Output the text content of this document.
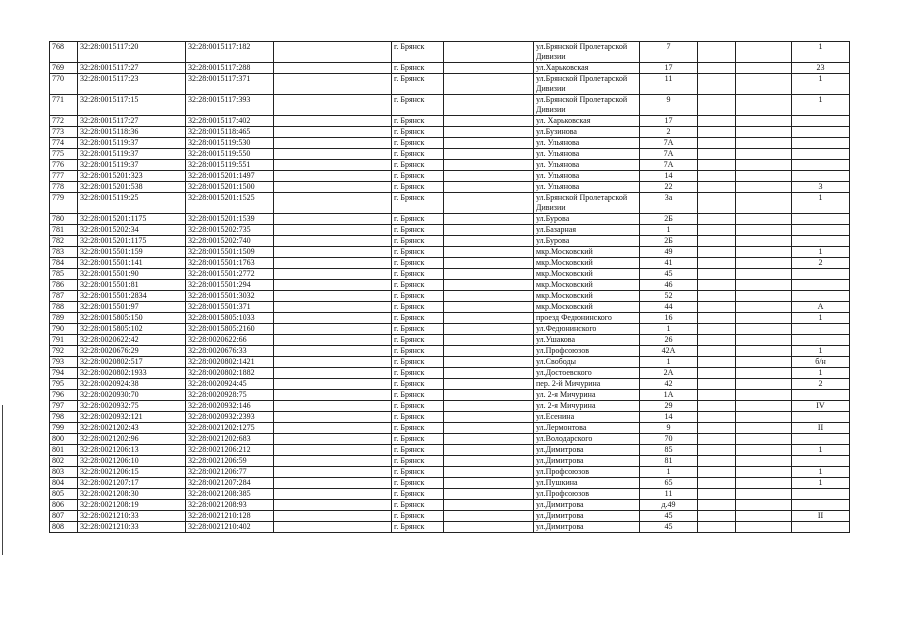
768	32:28:0015117:20	32:28:0015117:182		г. Брянск		ул.Брянской Пролетарской Дивизии	7			1
769	32:28:0015117:27	32:28:0015117:288		г. Брянск		ул.Харьковская	17			23
770	32:28:0015117:23	32:28:0015117:371		г. Брянск		ул.Брянской Пролетарской Дивизии	11			1
771	32:28:0015117:15	32:28:0015117:393		г. Брянск		ул.Брянской Пролетарской Дивизии	9			1
772	32:28:0015117:27	32:28:0015117:402		г. Брянск		ул. Харьковская	17			
773	32:28:0015118:36	32:28:0015118:465		г. Брянск		ул.Бузинова	2			
774	32:28:0015119:37	32:28:0015119:530		г. Брянск		ул. Ульянова	7А			
775	32:28:0015119:37	32:28:0015119:550		г. Брянск		ул. Ульянова	7А			
776	32:28:0015119:37	32:28:0015119:551		г. Брянск		ул. Ульянова	7А			
777	32:28:0015201:323	32:28:0015201:1497		г. Брянск		ул. Ульянова	14			
778	32:28:0015201:538	32:28:0015201:1500		г. Брянск		ул. Ульянова	22			3
779	32:28:0015119:25	32:28:0015201:1525		г. Брянск		ул.Брянской Пролетарской Дивизии	3а			1
780	32:28:0015201:1175	32:28:0015201:1539		г. Брянск		ул.Бурова	2Б			
781	32:28:0015202:34	32:28:0015202:735		г. Брянск		ул.Базарная	1			
782	32:28:0015201:1175	32:28:0015202:740		г. Брянск		ул.Бурова	2Б			
783	32:28:0015501:159	32:28:0015501:1509		г. Брянск		мкр.Московский	49			1
784	32:28:0015501:141	32:28:0015501:1763		г. Брянск		мкр.Московский	41			2
785	32:28:0015501:90	32:28:0015501:2772		г. Брянск		мкр.Московский	45			
786	32:28:0015501:81	32:28:0015501:294		г. Брянск		мкр.Московский	46			
787	32:28:0015501:2834	32:28:0015501:3032		г. Брянск		мкр.Московский	52			
788	32:28:0015501:97	32:28:0015501:371		г. Брянск		мкр.Московский	44			А
789	32:28:0015805:150	32:28:0015805:1033		г. Брянск		проезд Федюнинского	16			1
790	32:28:0015805:102	32:28:0015805:2160		г. Брянск		ул.Федюнинского	1			
791	32:28:0020622:42	32:28:0020622:66		г. Брянск		ул.Ушакова	26			
792	32:28:0020676:29	32:28:0020676:33		г. Брянск		ул.Профсоюзов	42А			1
793	32:28:0020802:517	32:28:0020802:1421		г. Брянск		ул.Свободы	1			б/н
794	32:28:0020802:1933	32:28:0020802:1882		г. Брянск		ул.Достоевского	2А			1
795	32:28:0020924:38	32:28:0020924:45		г. Брянск		пер. 2-й Мичурина	42			2
796	32:28:0020930:70	32:28:0020928:75		г. Брянск		ул. 2-я Мичурина	1А			
797	32:28:0020932:75	32:28:0020932:146		г. Брянск		ул. 2-я Мичурина	29			IV
798	32:28:0020932:121	32:28:0020932:2393		г. Брянск		ул.Есенина	14			
799	32:28:0021202:43	32:28:0021202:1275		г. Брянск		ул.Лермонтова	9			II
800	32:28:0021202:96	32:28:0021202:683		г. Брянск		ул.Володарского	70			
801	32:28:0021206:13	32:28:0021206:212		г. Брянск		ул.Димитрова	85			1
802	32:28:0021206:10	32:28:0021206:59		г. Брянск		ул.Димитрова	81			
803	32:28:0021206:15	32:28:0021206:77		г. Брянск		ул.Профсоюзов	1			1
804	32:28:0021207:17	32:28:0021207:284		г. Брянск		ул.Пушкина	65			1
805	32:28:0021208:30	32:28:0021208:385		г. Брянск		ул.Профсоюзов	11			
806	32:28:0021208:19	32:28:0021208:93		г. Брянск		ул.Димитрова	д.49			
807	32:28:0021210:33	32:28:0021210:128		г. Брянск		ул.Димитрова	45			II
808	32:28:0021210:33	32:28:0021210:402		г. Брянск		ул.Димитрова	45			
